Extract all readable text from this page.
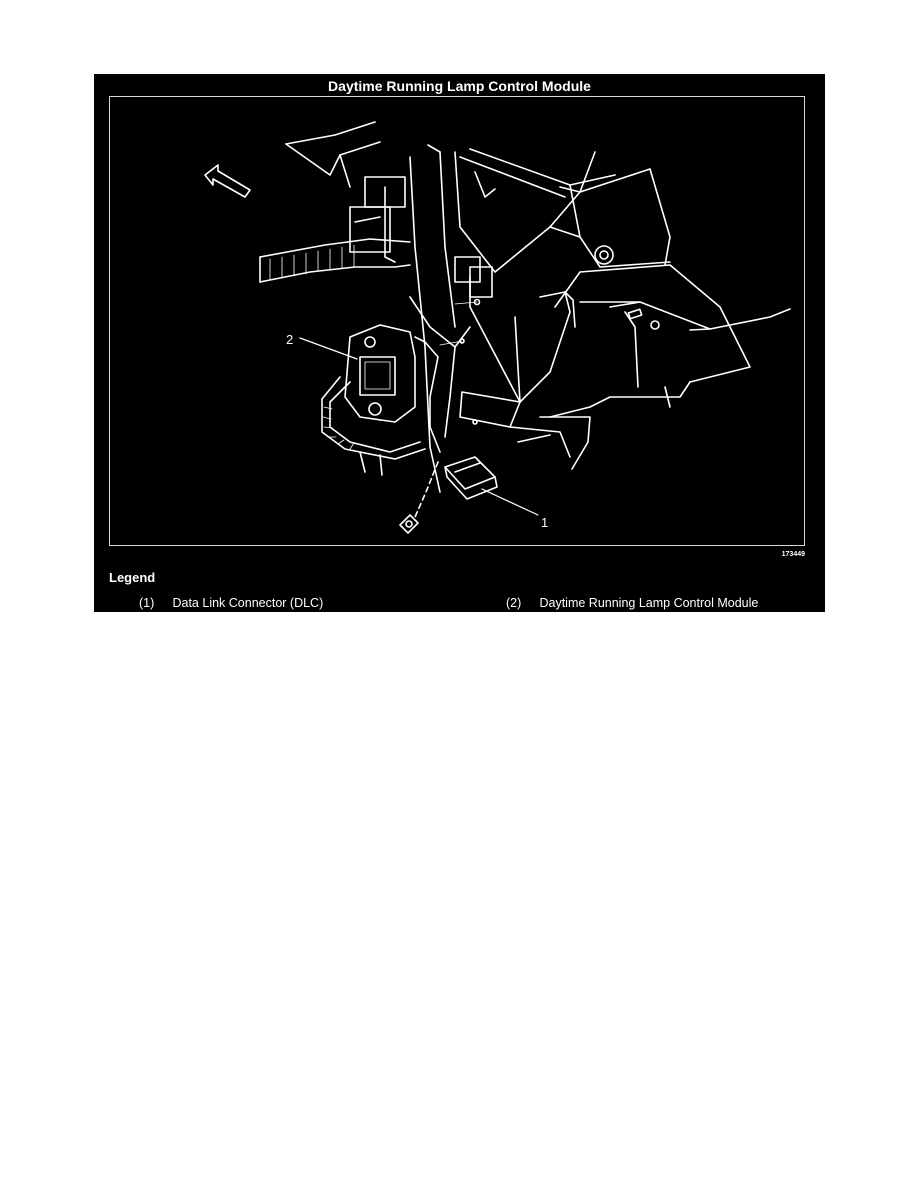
Daytime Running Lamp Control Module
2
1
173449
Legend
(1) Data Link Connector (DLC)	(2) Daytime Running Lamp Control Module
